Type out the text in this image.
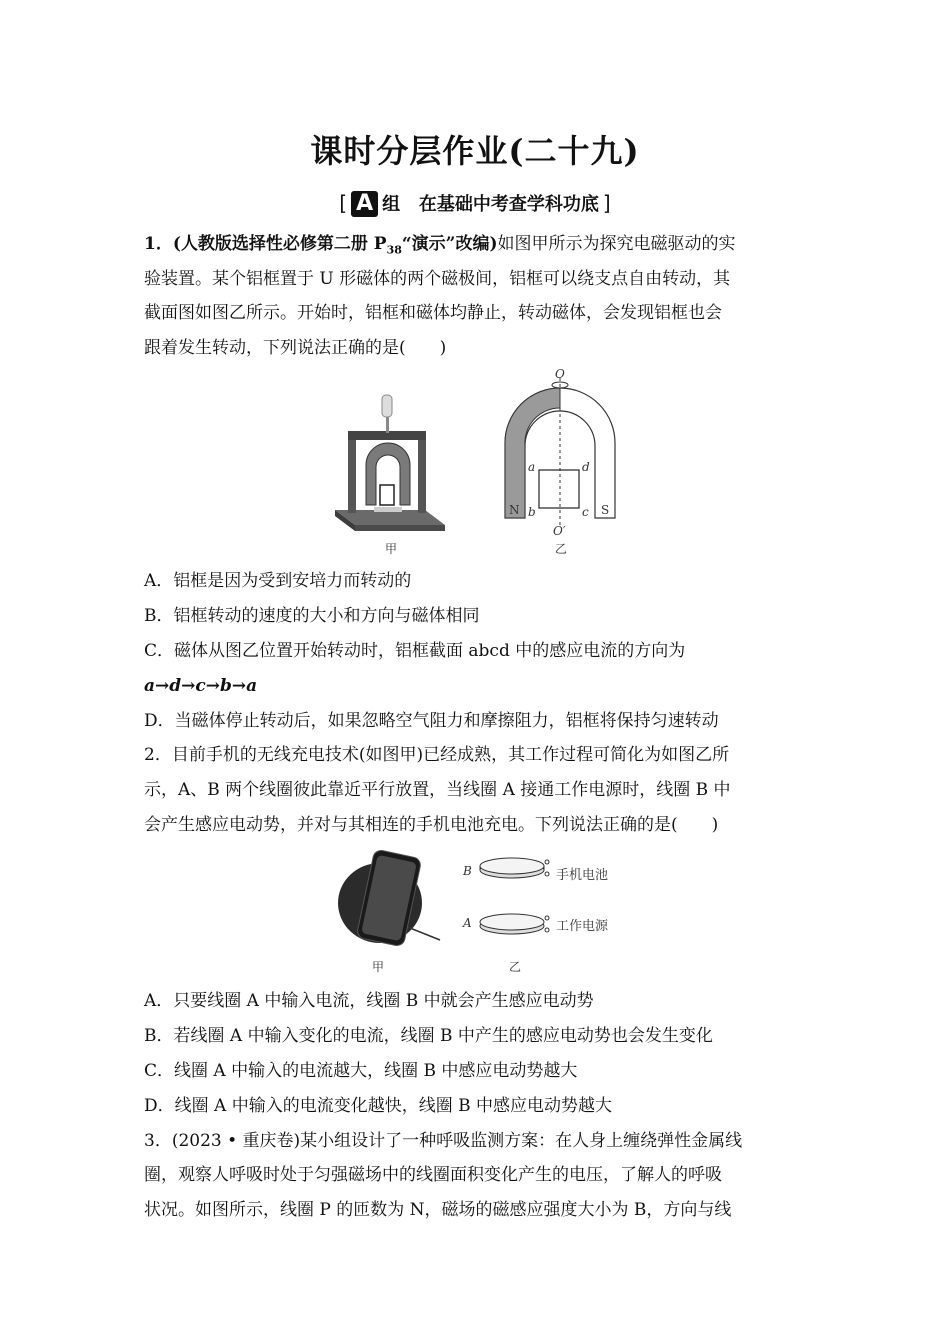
课时分层作业(二十九)
[ A 组 在基础中考查学科功底 ]
1．(人教版选择性必修第二册 $P_{38}“$演示”改编)如图甲所示为探究电磁驱动的实
验装置。某个铝框置于 U 形磁体的两个磁极间，铝框可以绕支点自由转动，其
截面图如图乙所示。开始时，铝框和磁体均静止，转动磁体，会发现铝框也会
跟着发生转动，下列说法正确的是(　　)
甲
O
a	d
b	c
N	S
O′
乙
A．铝框是因为受到安培力而转动的
B．铝框转动的速度的大小和方向与磁体相同
C．磁体从图乙位置开始转动时，铝框截面 abcd 中的感应电流的方向为
a→d→c→b→a
D．当磁体停止转动后，如果忽略空气阻力和摩擦阻力，铝框将保持匀速转动
2．目前手机的无线充电技术(如图甲)已经成熟，其工作过程可简化为如图乙所
示，A、B 两个线圈彼此靠近平行放置，当线圈 A 接通工作电源时，线圈 B 中
会产生感应电动势，并对与其相连的手机电池充电。下列说法正确的是(　　)
甲
B
A
手机电池
工作电源
乙
A．只要线圈 A 中输入电流，线圈 B 中就会产生感应电动势
B．若线圈 A 中输入变化的电流，线圈 B 中产生的感应电动势也会发生变化
C．线圈 A 中输入的电流越大，线圈 B 中感应电动势越大
D．线圈 A 中输入的电流变化越快，线圈 B 中感应电动势越大
3．(2023 • 重庆卷)某小组设计了一种呼吸监测方案：在人身上缠绕弹性金属线
圈，观察人呼吸时处于匀强磁场中的线圈面积变化产生的电压，了解人的呼吸
状况。如图所示，线圈 P 的匝数为 N，磁场的磁感应强度大小为 B，方向与线
